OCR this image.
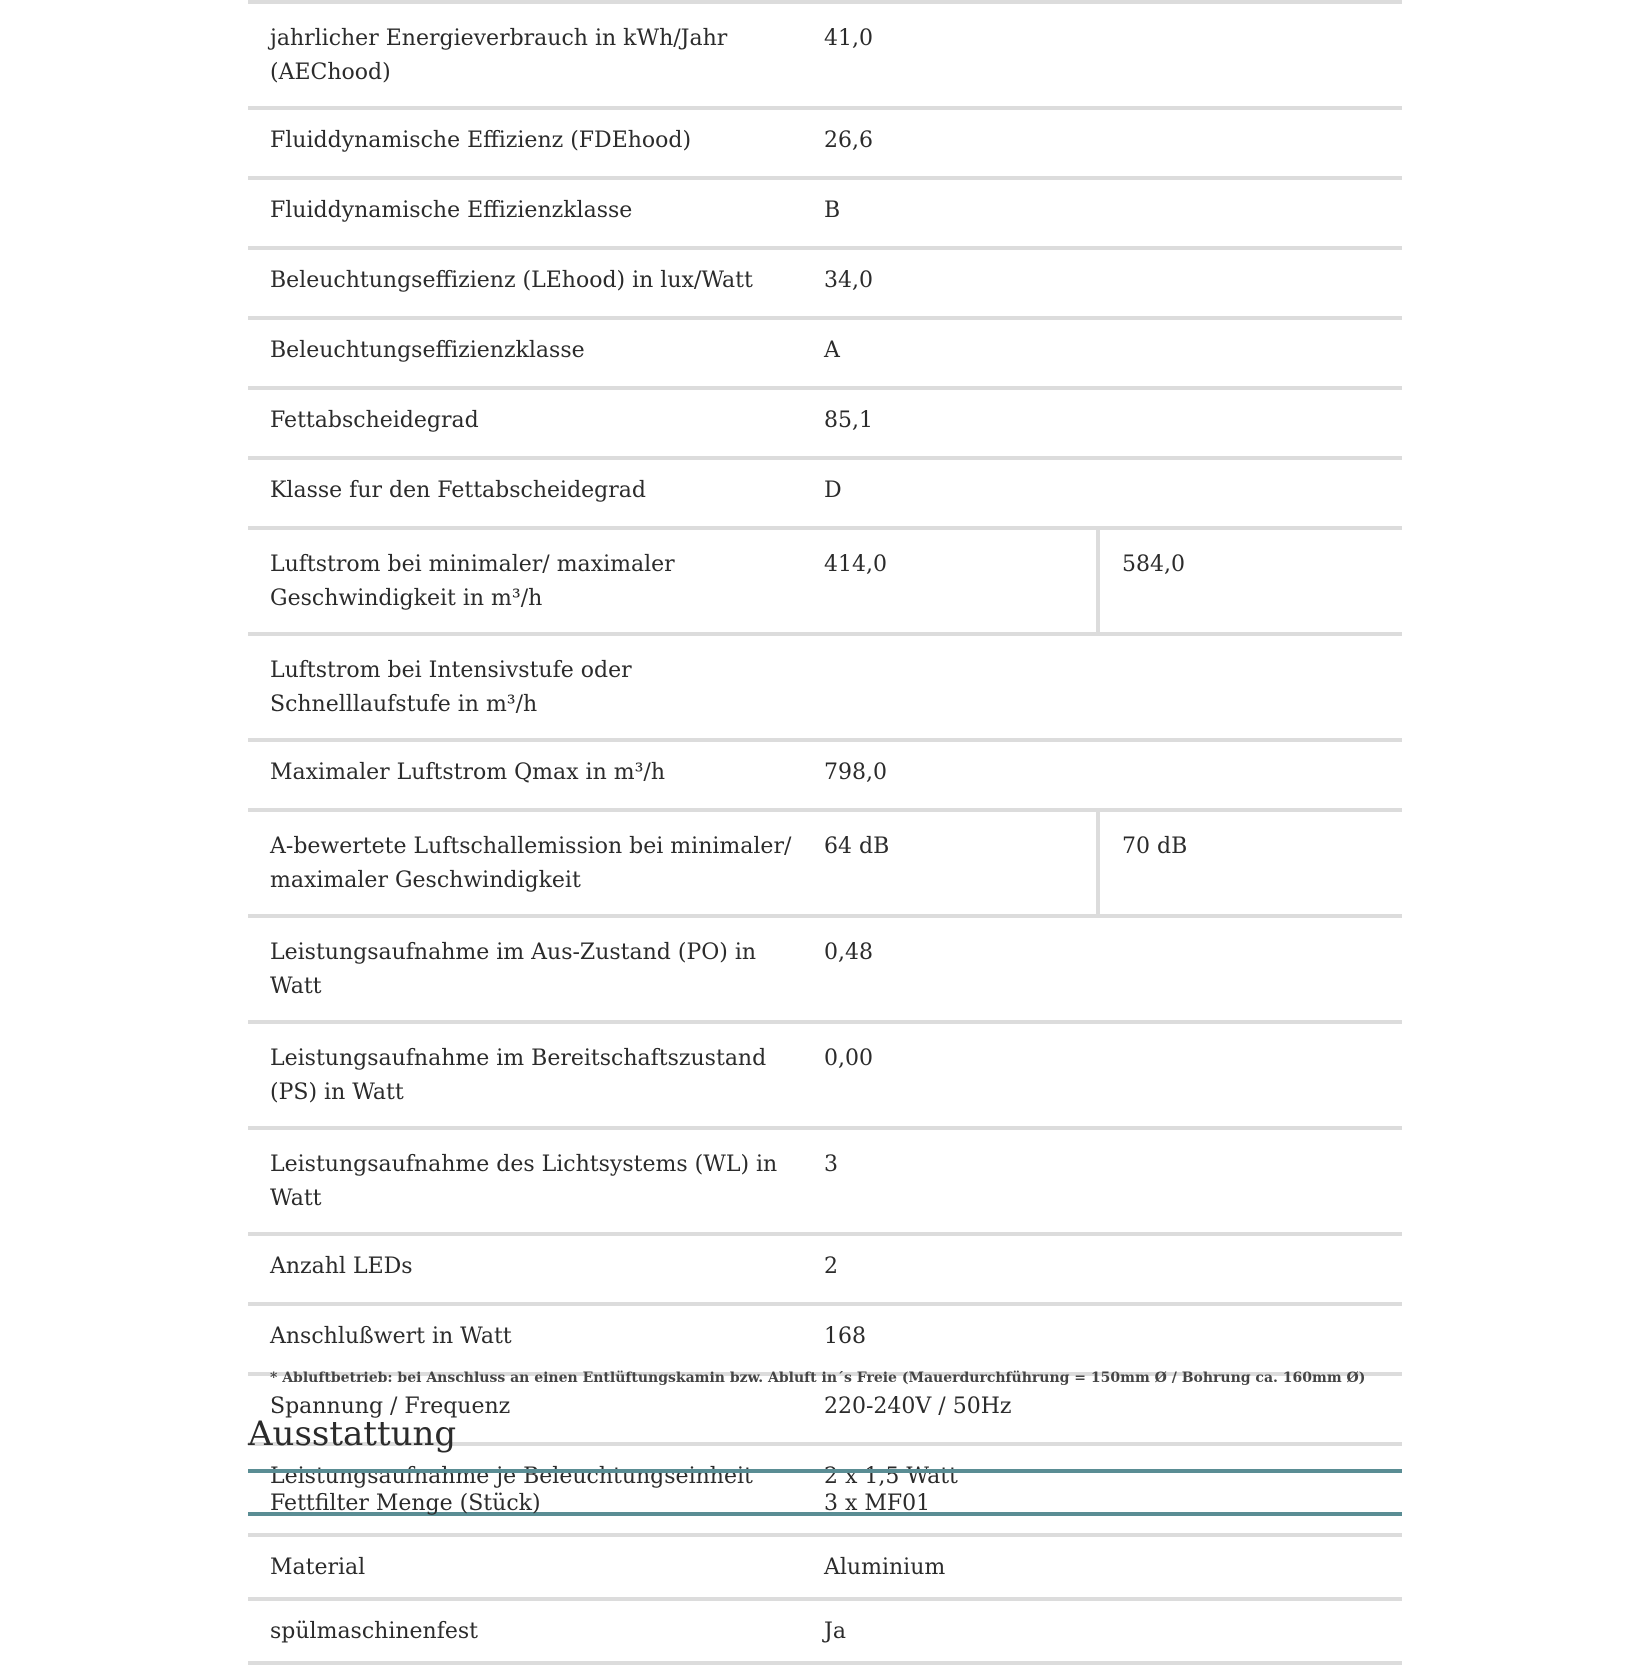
jahrlicher Energieverbrauch in kWh/Jahr (AEChood)	41,0	
Fluiddynamische Effizienz (FDEhood)	26,6	
Fluiddynamische Effizienzklasse	B	
Beleuchtungseffizienz (LEhood) in lux/Watt	34,0	
Beleuchtungseffizienzklasse	A	
Fettabscheidegrad	85,1	
Klasse fur den Fettabscheidegrad	D	
Luftstrom bei minimaler/ maximaler Geschwindigkeit in m³/h	414,0	584,0
Luftstrom bei Intensivstufe oder Schnelllaufstufe in m³/h		
Maximaler Luftstrom Qmax in m³/h	798,0	
A-bewertete Luftschallemission bei minimaler/ maximaler Geschwindigkeit	64 dB	70 dB
Leistungsaufnahme im Aus-Zustand (PO) in Watt	0,48	
Leistungsaufnahme im Bereitschaftszustand (PS) in Watt	0,00	
Leistungsaufnahme des Lichtsystems (WL) in Watt	3	
Anzahl LEDs	2	
Anschlußwert in Watt	168	
Spannung / Frequenz	220-240V / 50Hz	
Leistungsaufnahme je Beleuchtungseinheit	2 x 1,5 Watt	
* Abluftbetrieb: bei Anschluss an einen Entlüftungskamin bzw. Abluft in´s Freie (Mauerdurchführung = 150mm Ø / Bohrung ca. 160mm Ø)
Ausstattung
Fettfilter Menge (Stück)	3 x MF01
Material	Aluminium
spülmaschinenfest	Ja
